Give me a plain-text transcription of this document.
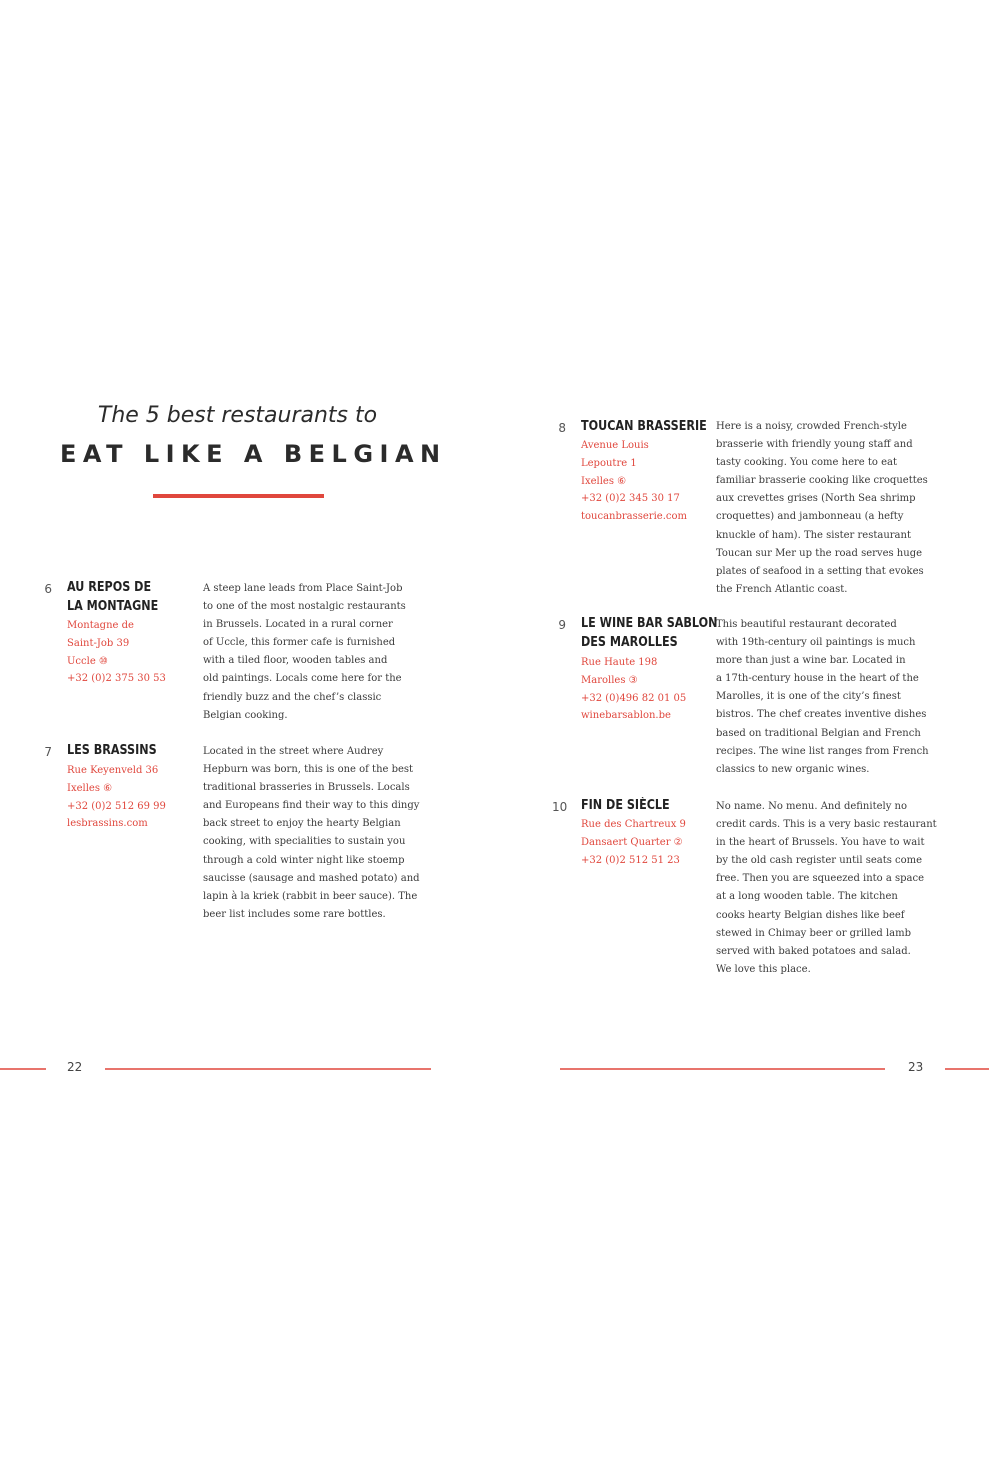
The 5 best restaurants to
EAT LIKE A BELGIAN
6 AU REPOS DE
LA MONTAGNE
Montagne de
Saint-Job 39
Uccle ⑩
+32 (0)2 375 30 53
A steep lane leads from Place Saint-Job
to one of the most nostalgic restaurants
in Brussels. Located in a rural corner
of Uccle, this former cafe is furnished
with a tiled floor, wooden tables and
old paintings. Locals come here for the
friendly buzz and the chef’s classic
Belgian cooking.
7 LES BRASSINS
Rue Keyenveld 36
Ixelles ⑥
+32 (0)2 512 69 99
lesbrassins.com
Located in the street where Audrey
Hepburn was born, this is one of the best
traditional brasseries in Brussels. Locals
and Europeans find their way to this dingy
back street to enjoy the hearty Belgian
cooking, with specialities to sustain you
through a cold winter night like stoemp
saucisse (sausage and mashed potato) and
lapin à la kriek (rabbit in beer sauce). The
beer list includes some rare bottles.
8 TOUCAN BRASSERIE
Avenue Louis
Lepoutre 1
Ixelles ⑥
+32 (0)2 345 30 17
toucanbrasserie.com
Here is a noisy, crowded French-style
brasserie with friendly young staff and
tasty cooking. You come here to eat
familiar brasserie cooking like croquettes
aux crevettes grises (North Sea shrimp
croquettes) and jambonneau (a hefty
knuckle of ham). The sister restaurant
Toucan sur Mer up the road serves huge
plates of seafood in a setting that evokes
the French Atlantic coast.
9 LE WINE BAR SABLON
DES MAROLLES
Rue Haute 198
Marolles ③
+32 (0)496 82 01 05
winebarsablon.be
This beautiful restaurant decorated
with 19th-century oil paintings is much
more than just a wine bar. Located in
a 17th-century house in the heart of the
Marolles, it is one of the city’s finest
bistros. The chef creates inventive dishes
based on traditional Belgian and French
recipes. The wine list ranges from French
classics to new organic wines.
10 FIN DE SIÈCLE
Rue des Chartreux 9
Dansaert Quarter ②
+32 (0)2 512 51 23
No name. No menu. And definitely no
credit cards. This is a very basic restaurant
in the heart of Brussels. You have to wait
by the old cash register until seats come
free. Then you are squeezed into a space
at a long wooden table. The kitchen
cooks hearty Belgian dishes like beef
stewed in Chimay beer or grilled lamb
served with baked potatoes and salad.
We love this place.
22	23
